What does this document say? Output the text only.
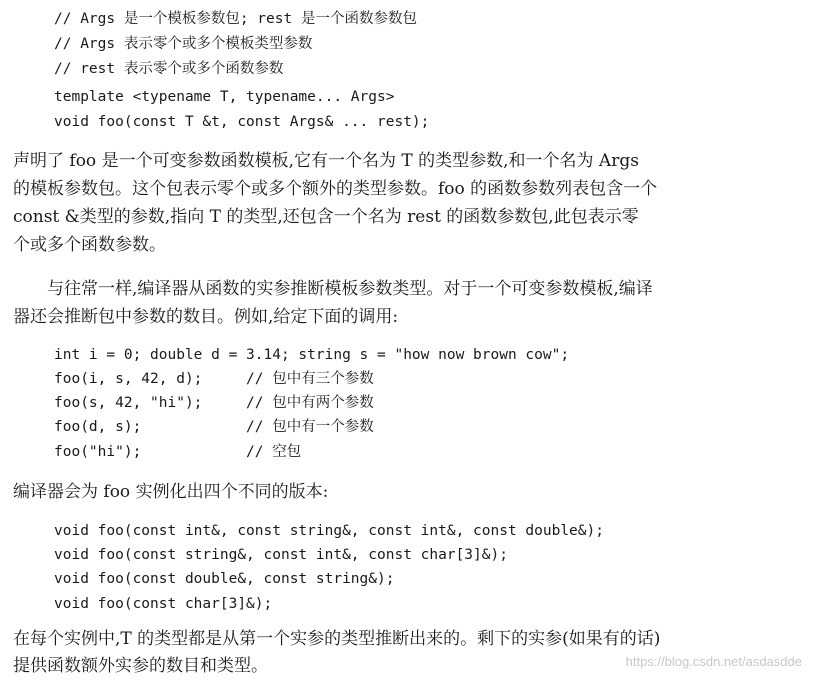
// Args 是一个模板参数包; rest 是一个函数参数包
// Args 表示零个或多个模板类型参数
// rest 表示零个或多个函数参数
template <typename T, typename... Args>
void foo(const T &t, const Args& ... rest);
声明了 foo 是一个可变参数函数模板,它有一个名为 T 的类型参数,和一个名为 Args
的模板参数包。这个包表示零个或多个额外的类型参数。foo 的函数参数列表包含一个
const &类型的参数,指向 T 的类型,还包含一个名为 rest 的函数参数包,此包表示零
个或多个函数参数。
与往常一样,编译器从函数的实参推断模板参数类型。对于一个可变参数模板,编译
器还会推断包中参数的数目。例如,给定下面的调用:
int i = 0; double d = 3.14; string s = "how now brown cow";
foo(i, s, 42, d);     // 包中有三个参数
foo(s, 42, "hi");     // 包中有两个参数
foo(d, s);            // 包中有一个参数
foo("hi");            // 空包
编译器会为 foo 实例化出四个不同的版本:
void foo(const int&, const string&, const int&, const double&);
void foo(const string&, const int&, const char[3]&);
void foo(const double&, const string&);
void foo(const char[3]&);
在每个实例中,T 的类型都是从第一个实参的类型推断出来的。剩下的实参(如果有的话)
提供函数额外实参的数目和类型。	https://blog.csdn.net/asdasdde
